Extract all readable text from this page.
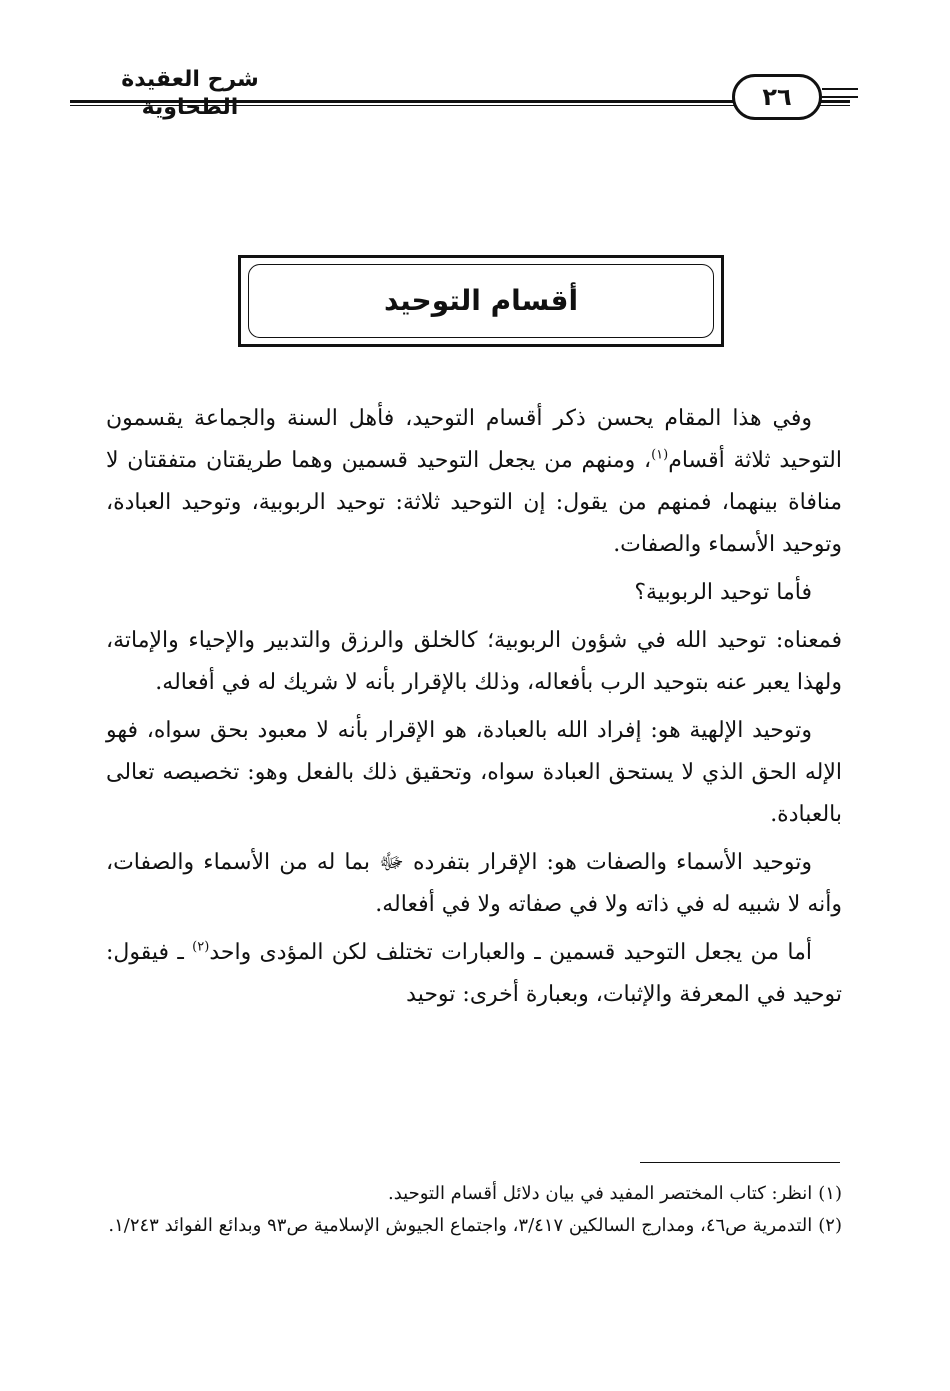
شرح العقيدة الطحاوية	٢٦
أقسام التوحيد

وفي هذا المقام يحسن ذكر أقسام التوحيد، فأهل السنة والجماعة يقسمون التوحيد ثلاثة أقسام$^{(١)}$، ومنهم من يجعل التوحيد قسمين وهما طريقتان متفقتان لا منافاة بينهما، فمنهم من يقول: إن التوحيد ثلاثة: توحيد الربوبية، وتوحيد العبادة، وتوحيد الأسماء والصفات.

فأما توحيد الربوبية؟

فمعناه: توحيد الله في شؤون الربوبية؛ كالخلق والرزق والتدبير والإحياء والإماتة، ولهذا يعبر عنه بتوحيد الرب بأفعاله، وذلك بالإقرار بأنه لا شريك له في أفعاله.

وتوحيد الإلهية هو: إفراد الله بالعبادة، هو الإقرار بأنه لا معبود بحق سواه، فهو الإله الحق الذي لا يستحق العبادة سواه، وتحقيق ذلك بالفعل وهو: تخصيصه تعالى بالعبادة.

وتوحيد الأسماء والصفات هو: الإقرار بتفرده ﷻ بما له من الأسماء والصفات، وأنه لا شبيه له في ذاته ولا في صفاته ولا في أفعاله.

أما من يجعل التوحيد قسمين ـ والعبارات تختلف لكن المؤدى واحد$^{(٢)}$ ـ فيقول: توحيد في المعرفة والإثبات، وبعبارة أخرى: توحيد

(١)انظر: كتاب المختصر المفيد في بيان دلائل أقسام التوحيد.

(٢)التدمرية ص٤٦، ومدارج السالكين ٣/٤١٧، واجتماع الجيوش الإسلامية ص٩٣ وبدائع الفوائد ١/٢٤٣.
